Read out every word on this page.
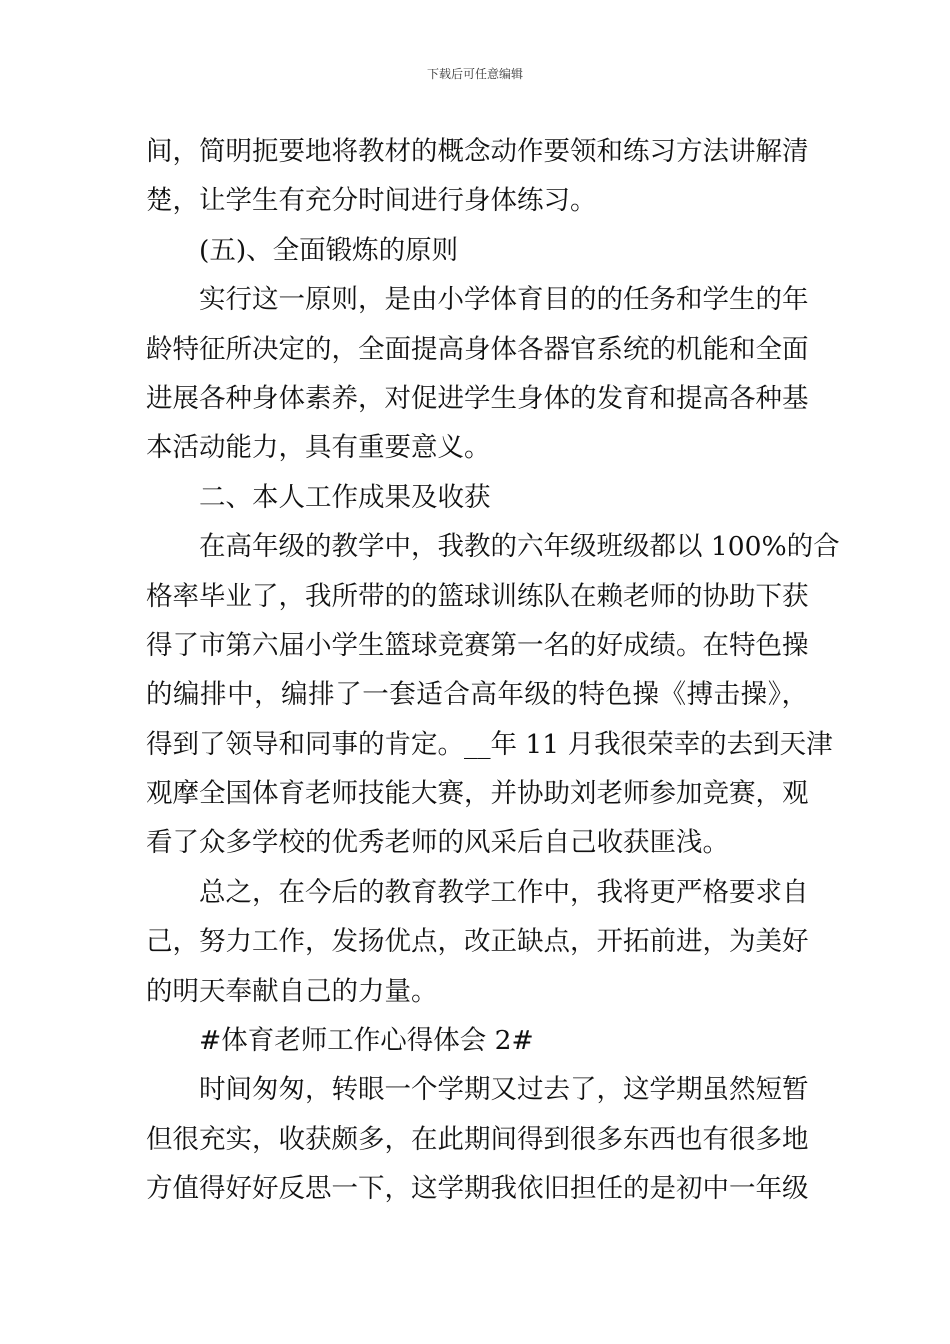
下载后可任意编辑
间，简明扼要地将教材的概念动作要领和练习方法讲解清
楚，让学生有充分时间进行身体练习。
(五)、全面锻炼的原则
实行这一原则，是由小学体育目的的任务和学生的年
龄特征所决定的，全面提高身体各器官系统的机能和全面
进展各种身体素养，对促进学生身体的发育和提高各种基
本活动能力，具有重要意义。
二、本人工作成果及收获
在高年级的教学中，我教的六年级班级都以 100%的合
格率毕业了，我所带的的篮球训练队在赖老师的协助下获
得了市第六届小学生篮球竞赛第一名的好成绩。在特色操
的编排中，编排了一套适合高年级的特色操《搏击操》，
得到了领导和同事的肯定。__年 11 月我很荣幸的去到天津
观摩全国体育老师技能大赛，并协助刘老师参加竞赛，观
看了众多学校的优秀老师的风采后自己收获匪浅。
总之，在今后的教育教学工作中，我将更严格要求自
己，努力工作，发扬优点，改正缺点，开拓前进，为美好
的明天奉献自己的力量。
#体育老师工作心得体会 2#
时间匆匆，转眼一个学期又过去了，这学期虽然短暂
但很充实，收获颇多，在此期间得到很多东西也有很多地
方值得好好反思一下，这学期我依旧担任的是初中一年级
